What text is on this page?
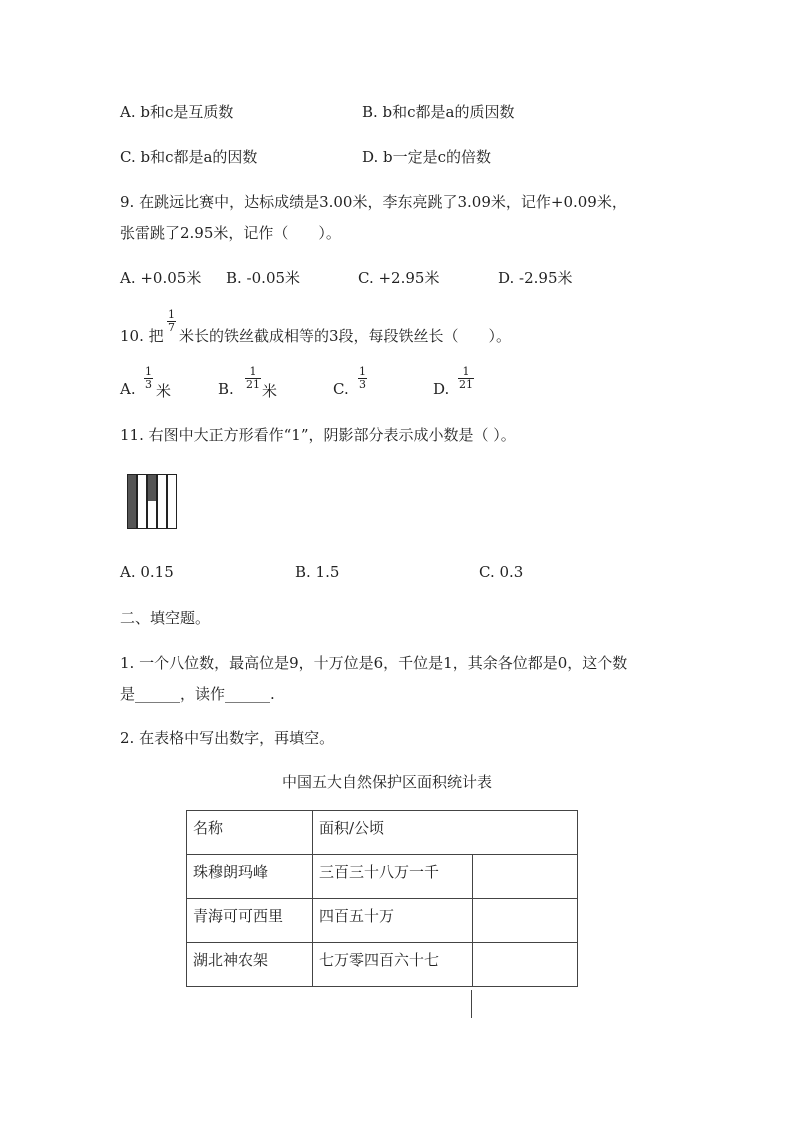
A. b和c是互质数	B. b和c都是a的质因数
C. b和c都是a的因数	D. b一定是c的倍数
9. 在跳远比赛中，达标成绩是3.00米，李东亮跳了3.09米，记作+0.09米，
张雷跳了2.95米，记作（　　）。
A. +0.05米 B. -0.05米	C. +2.95米	D. -2.95米
10. 把
$\frac{1}{7}$
米长的铁丝截成相等的3段，每段铁丝长（　　）。
A. $\frac{1}{3}$ 米	B. $\frac{1}{21}$ 米	C. $\frac{1}{3}$	D. $\frac{1}{21}$
11. 右图中大正方形看作“1”，阴影部分表示成小数是（ ）。
A. 0.15	B. 1.5	C. 0.3
二、填空题。
1. 一个八位数，最高位是9，十万位是6，千位是1，其余各位都是0，这个数
是______，读作______.
2. 在表格中写出数字，再填空。
中国五大自然保护区面积统计表
名称	面积/公顷	
珠穆朗玛峰	三百三十八万一千	
青海可可西里	四百五十万	
湖北神农架	七万零四百六十七	
